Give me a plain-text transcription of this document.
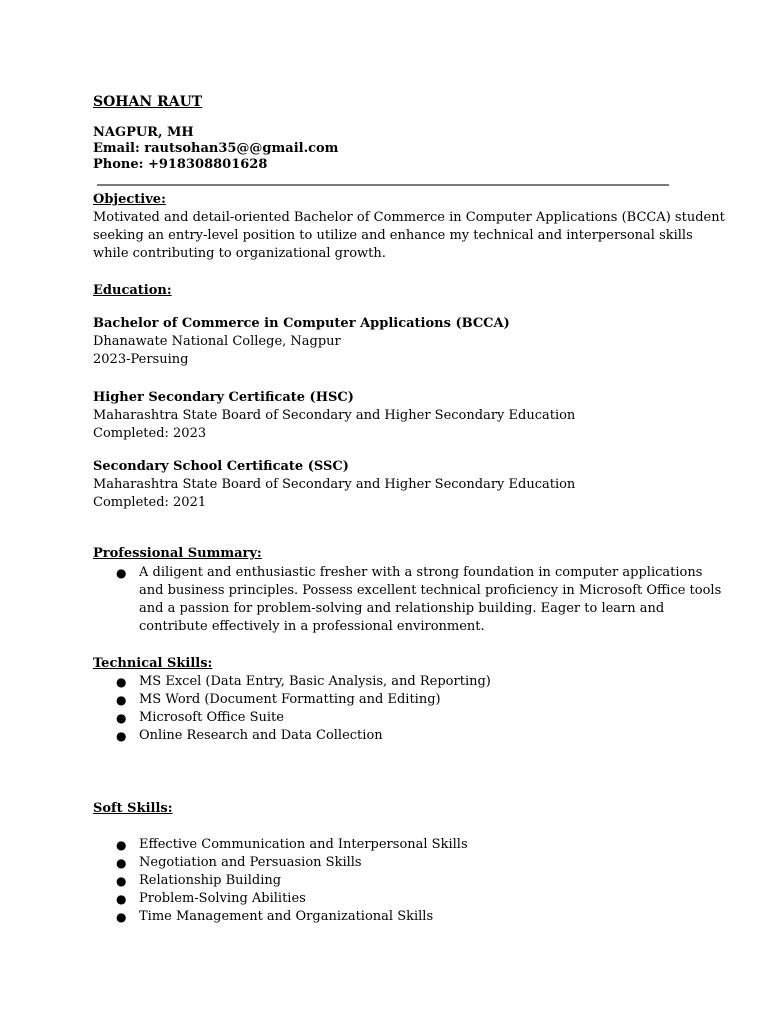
SOHAN RAUT
NAGPUR, MH
Email: rautsohan35@@gmail.com
Phone: +918308801628
Objective:
Motivated and detail-oriented Bachelor of Commerce in Computer Applications (BCCA) student
seeking an entry-level position to utilize and enhance my technical and interpersonal skills
while contributing to organizational growth.
Education:
Bachelor of Commerce in Computer Applications (BCCA)
Dhanawate National College, Nagpur
2023-Persuing
Higher Secondary Certificate (HSC)
Maharashtra State Board of Secondary and Higher Secondary Education
Completed: 2023
Secondary School Certificate (SSC)
Maharashtra State Board of Secondary and Higher Secondary Education
Completed: 2021
Professional Summary:
● A diligent and enthusiastic fresher with a strong foundation in computer applications
and business principles. Possess excellent technical proficiency in Microsoft Office tools
and a passion for problem-solving and relationship building. Eager to learn and
contribute effectively in a professional environment.
Technical Skills:
● MS Excel (Data Entry, Basic Analysis, and Reporting)
● MS Word (Document Formatting and Editing)
● Microsoft Office Suite
● Online Research and Data Collection
Soft Skills:
● Effective Communication and Interpersonal Skills
● Negotiation and Persuasion Skills
● Relationship Building
● Problem-Solving Abilities
● Time Management and Organizational Skills
